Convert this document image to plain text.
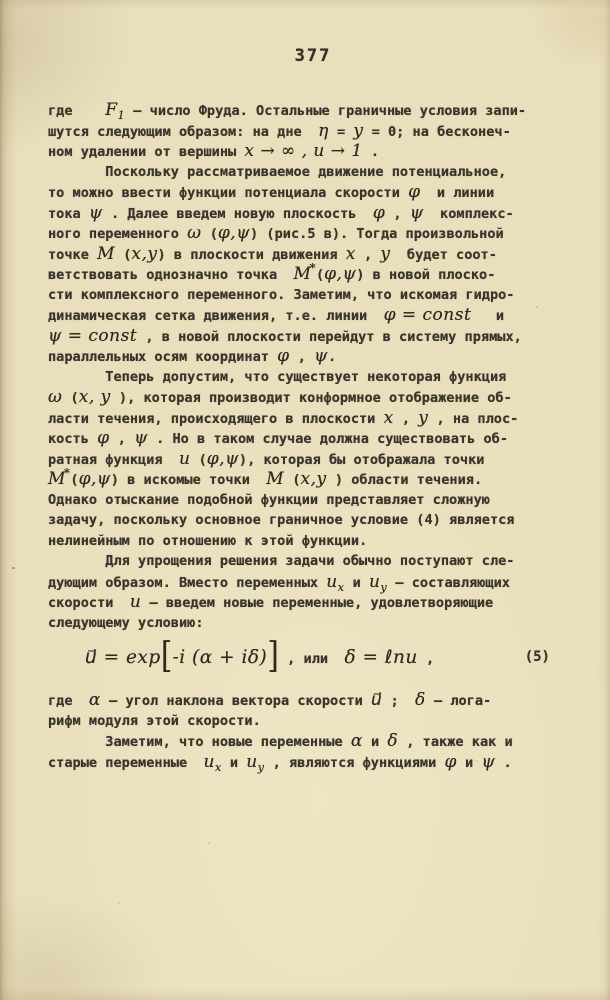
377
где    $F_1$ – число Фруда. Остальные граничные условия запи-
шутся следующим образом: на дне  η = y = 0; на бесконеч-
ном удалении от вершины x → ∞ , u → 1 .
Поскольку рассматриваемое движение потенциальное,
то можно ввести функции потенциала скорости φ  и линии
тока ψ . Далее введем новую плоскость  φ , ψ  комплекс-
ного переменного ω (φ,ψ) (рис.5 в). Тогда произвольной
точке M (x,y) в плоскости движения x , y  будет соот-
ветствовать однозначно точка  M*(φ,ψ) в новой плоско-
сти комплексного переменного. Заметим, что искомая гидро-
динамическая сетка движения, т.е. линии  φ = const   и
ψ = const , в новой плоскости перейдут в систему прямых,
параллельных осям координат φ , ψ.
Теперь допустим, что существует некоторая функция
ω (x, y ), которая производит конформное отображение об-
ласти течения, происходящего в плоскости x , y , на плос-
кость φ , ψ . Но в таком случае должна существовать об-
ратная функция  u (φ,ψ), которая бы отображала точки
M*(φ,ψ) в искомые точки  M (x,y ) области течения.
Однако отыскание подобной функции представляет сложную
задачу, поскольку основное граничное условие (4) является
нелинейным по отношению к этой функции.
Для упрощения решения задачи обычно поступают сле-
дующим образом. Вместо переменных $u_x$ и $u_y$ – составляющих
скорости  u – введем новые переменные, удовлетворяющие
следующему условию:
u⃗ = exp[-i (α + iδ)] , или  δ = ℓnu ,	(5)
где  α – угол наклона вектора скорости u⃗ ;  δ – лога-
рифм модуля этой скорости.
Заметим, что новые переменные α и δ , также как и
старые переменные  $u_x$ и $u_y$ , являются функциями φ и ψ .
